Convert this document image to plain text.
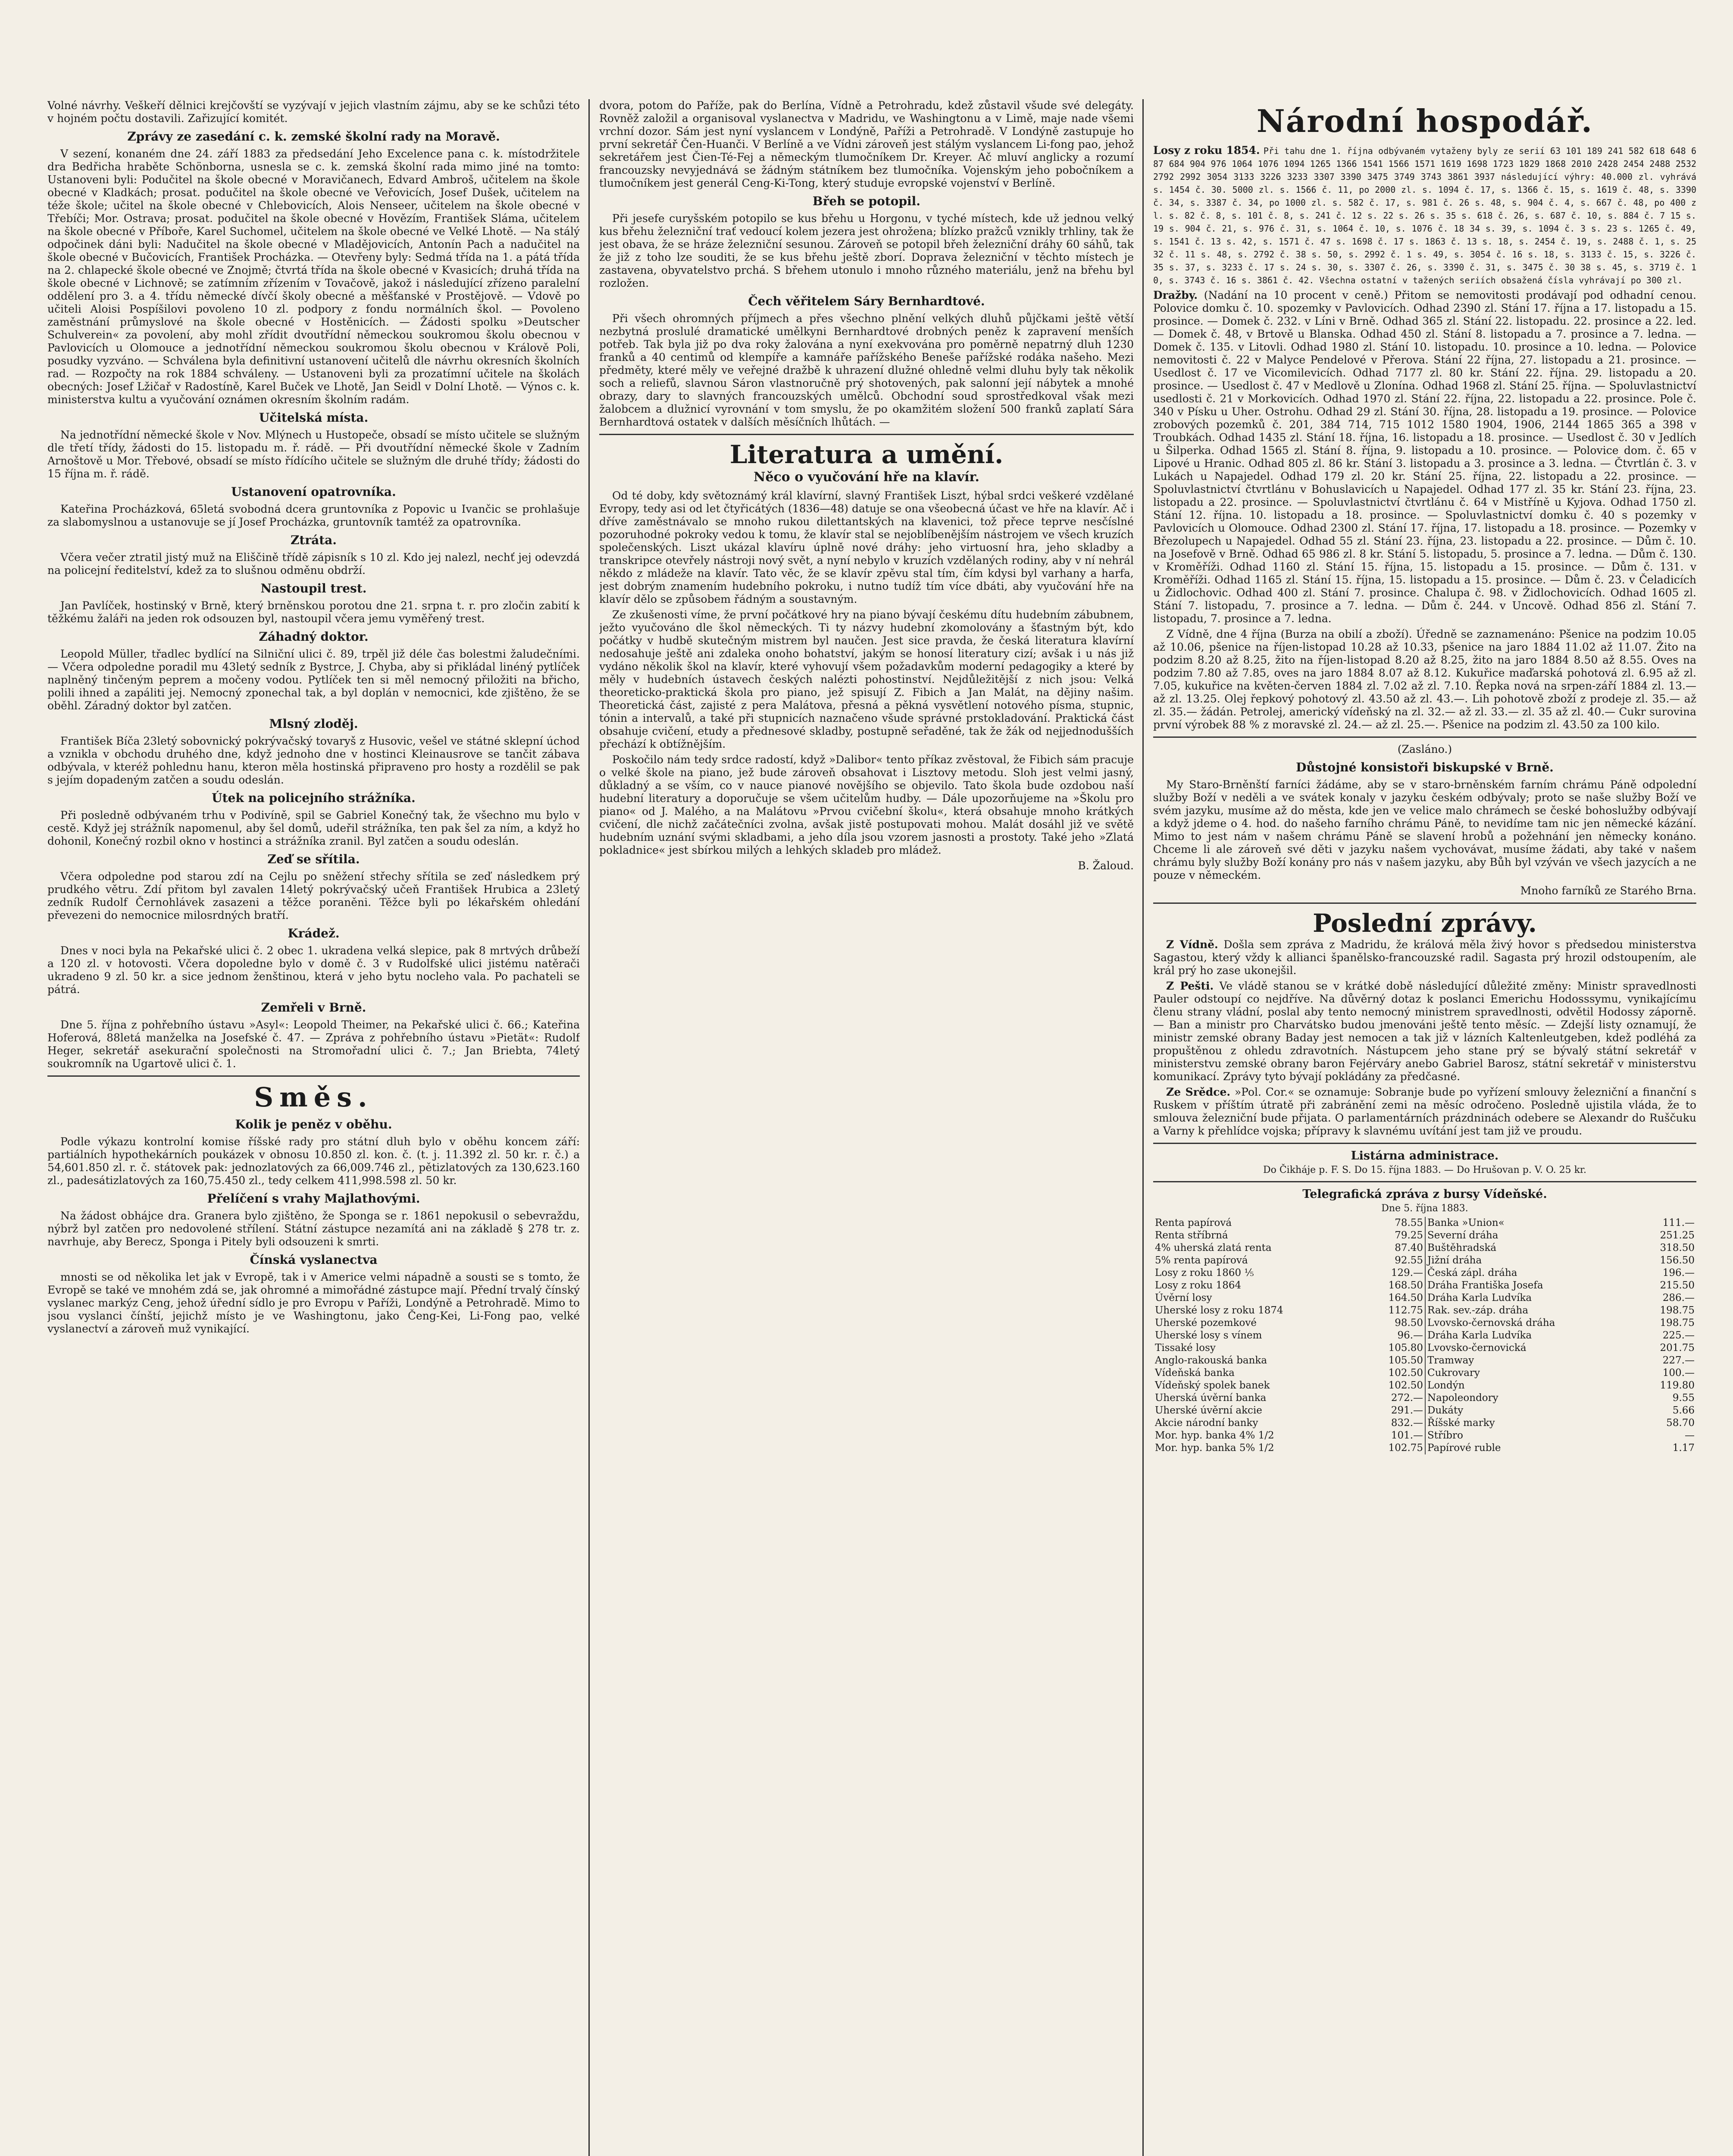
Volné návrhy. Veškeří dělnici krejčovští se vyzývají v jejich vlastním zájmu, aby se ke schůzi této v hojném počtu dostavili. Zařizující komitét.

Zprávy ze zasedání c. k. zemské školní rady na Moravě.

V sezení, konaném dne 24. září 1883 za předsedání Jeho Excelence pana c. k. místodržitele dra Bedřicha hraběte Schönborna, usnesla se c. k. zemská školní rada mimo jiné na tomto: Ustanoveni byli: Podučitel na škole obecné v Moravičanech, Edvard Ambroš, učitelem na škole obecné v Kladkách; prosat. podučitel na škole obecné ve Veřovicích, Josef Dušek, učitelem na téže škole; učitel na škole obecné v Chlebovicích, Alois Nenseer, učitelem na škole obecné v Třebíči; Mor. Ostrava; prosat. podučitel na škole obecné v Hovězím, František Sláma, učitelem na škole obecné v Příboře, Karel Suchomel, učitelem na škole obecné ve Velké Lhotě. — Na stálý odpočinek dáni byli: Nadučitel na škole obecné v Mladějovicích, Antonín Pach a nadučitel na škole obecné v Bučovicích, František Procházka. — Otevřeny byly: Sedmá třída na 1. a pátá třída na 2. chlapecké škole obecné ve Znojmě; čtvrtá třída na škole obecné v Kvasicích; druhá třída na škole obecné v Lichnově; se zatímním zřízením v Tovačově, jakož i následující zřízeno paralelní oddělení pro 3. a 4. třídu německé dívčí školy obecné a měšťanské v Prostějově. — Vdově po učiteli Aloisi Pospíšilovi povoleno 10 zl. podpory z fondu normálních škol. — Povoleno zaměstnání průmyslové na škole obecné v Hostěnicích. — Žádosti spolku »Deutscher Schulverein« za povolení, aby mohl zřídit dvoutřídní německou soukromou školu obecnou v Pavlovicích u Olomouce a jednotřídní německou soukromou školu obecnou v Králově Poli, posudky vyzváno. — Schválena byla definitivní ustanovení učitelů dle návrhu okresních školních rad. — Rozpočty na rok 1884 schváleny. — Ustanoveni byli za prozatímní učitele na školách obecných: Josef Lžičař v Radostíně, Karel Buček ve Lhotě, Jan Seidl v Dolní Lhotě. — Výnos c. k. ministerstva kultu a vyučování oznámen okresním školním radám.

Učitelská místa.

Na jednotřídní německé škole v Nov. Mlýnech u Hustopeče, obsadí se místo učitele se služným dle třetí třídy, žádosti do 15. listopadu m. ř. rádě. — Při dvoutřídní německé škole v Zadním Arnoštově u Mor. Třebové, obsadí se místo řídícího učitele se služným dle druhé třídy; žádosti do 15 října m. ř. rádě.

Ustanovení opatrovníka.

Kateřina Procházková, 65letá svobodná dcera gruntovníka z Popovic u Ivančic se prohlašuje za slabomyslnou a ustanovuje se jí Josef Procházka, gruntovník tamtéž za opatrovníka.

Ztráta.

Včera večer ztratil jistý muž na Eliščině třídě zápisník s 10 zl. Kdo jej nalezl, nechť jej odevzdá na policejní ředitelství, kdež za to slušnou odměnu obdrží.

Nastoupil trest.

Jan Pavlíček, hostinský v Brně, který brněnskou porotou dne 21. srpna t. r. pro zločin zabití k těžkému žaláři na jeden rok odsouzen byl, nastoupil včera jemu vyměřený trest.

Záhadný doktor.

Leopold Müller, třadlec bydlící na Silniční ulici č. 89, trpěl již déle čas bolestmi žaludečními. — Včera odpoledne poradil mu 43letý sedník z Bystrce, J. Chyba, aby si přikládal linéný pytlíček naplněný tinčeným peprem a močeny vodou. Pytlíček ten si měl nemocný přiložiti na břicho, polili ihned a zapáliti jej. Nemocný zponechal tak, a byl doplán v nemocnici, kde zjištěno, že se oběhl. Záradný doktor byl zatčen.

Mlsný zloděj.

František Bíča 23letý sobovnický pokrývačský tovaryš z Husovic, vešel ve státné sklepní úchod a vznikla v obchodu druhého dne, když jednoho dne v hostinci Kleinausrove se tančit zábava odbývala, v kteréž pohlednu hanu, kteron měla hostinská připraveno pro hosty a rozdělil se pak s jejím dopadeným zatčen a soudu odeslán.

Útek na policejního strážníka.

Při posledně odbývaném trhu v Podivíně, spil se Gabriel Konečný tak, že všechno mu bylo v cestě. Když jej strážník napomenul, aby šel domů, udeřil strážníka, ten pak šel za ním, a když ho dohonil, Konečný rozbil okno v hostinci a strážníka zranil. Byl zatčen a soudu odeslán.

Zeď se sřítila.

Včera odpoledne pod starou zdí na Cejlu po sněžení střechy sřítila se zeď následkem prý prudkého větru. Zdí přitom byl zavalen 14letý pokrývačský učeň František Hrubica a 23letý zedník Rudolf Černohlávek zasazeni a těžce poraněni. Těžce byli po lékařském ohledání převezeni do nemocnice milosrdných bratří.

Krádež.

Dnes v noci byla na Pekařské ulici č. 2 obec 1. ukradena velká slepice, pak 8 mrtvých drůbeží a 120 zl. v hotovosti. Včera dopoledne bylo v domě č. 3 v Rudolfské ulici jistému natěrači ukradeno 9 zl. 50 kr. a sice jednom ženštinou, která v jeho bytu nocleho vala. Po pachateli se pátrá.

Zemřeli v Brně.

Dne 5. října z pohřebního ústavu »Asyl«: Leopold Theimer, na Pekařské ulici č. 66.; Kateřina Hoferová, 88letá manželka na Josefské č. 47. — Zpráva z pohřebního ústavu »Pietät«: Rudolf Heger, sekretář asekurační společnosti na Stromořadní ulici č. 7.; Jan Briebta, 74letý soukromník na Ugartově ulici č. 1.

Směs.
Kolik je peněz v oběhu.

Podle výkazu kontrolní komise říšské rady pro státní dluh bylo v oběhu koncem září: partiálních hypothekárních poukázek v obnosu 10.850 zl. kon. č. (t. j. 11.392 zl. 50 kr. r. č.) a 54,601.850 zl. r. č. státovek pak: jednozlatových za 66,009.746 zl., pětizlatových za 130,623.160 zl., padesátizlatových za 160,75.450 zl., tedy celkem 411,998.598 zl. 50 kr.

Přelíčení s vrahy Majlathovými.

Na žádost obhájce dra. Granera bylo zjištěno, že Sponga se r. 1861 nepokusil o sebevraždu, nýbrž byl zatčen pro nedovolené střílení. Státní zástupce nezamítá ani na základě § 278 tr. z. navrhuje, aby Berecz, Sponga i Pitely byli odsouzeni k smrti.

Čínská vyslanectva

mnosti se od několika let jak v Evropě, tak i v Americe velmi nápadně a sousti se s tomto, že Evropě se také ve mnohém zdá se, jak ohromné a mimořádné zástupce mají. Přední trvalý čínský vyslanec markýz Ceng, jehož úřední sídlo je pro Evropu v Paříži, Londýně a Petrohradě. Mimo to jsou vyslanci čínští, jejichž místo je ve Washingtonu, jako Čeng-Kei, Li-Fong pao, velké vyslanectví a zároveň muž vynikající.

dvora, potom do Paříže, pak do Berlína, Vídně a Petrohradu, kdež zůstavil všude své delegáty. Rovněž založil a organisoval vyslanectva v Madridu, ve Washingtonu a v Limě, maje nade všemi vrchní dozor. Sám jest nyní vyslancem v Londýně, Paříži a Petrohradě. V Londýně zastupuje ho první sekretář Čen-Huanči. V Berlíně a ve Vídni zároveň jest stálým vyslancem Li-fong pao, jehož sekretářem jest Čien-Té-Fej a německým tlumočníkem Dr. Kreyer. Ač mluví anglicky a rozumí francouzsky nevyjednává se žádným státníkem bez tlumočníka. Vojenským jeho pobočníkem a tlumočníkem jest generál Ceng-Ki-Tong, který studuje evropské vojenství v Berlíně.

Břeh se potopil.

Při jesefe curyšském potopilo se kus břehu u Horgonu, v tyché místech, kde už jednou velký kus břehu železniční trať vedoucí kolem jezera jest ohrožena; blízko pražců vznikly trhliny, tak že jest obava, že se hráze železniční sesunou. Zároveň se potopil břeh železniční dráhy 60 sáhů, tak že již z toho lze souditi, že se kus břehu ještě zborí. Doprava železniční v těchto místech je zastavena, obyvatelstvo prchá. S břehem utonulo i mnoho různého materiálu, jenž na břehu byl rozložen.

Čech věřitelem Sáry Bernhardtové.

Při všech ohromných příjmech a přes všechno plnění velkých dluhů půjčkami ještě větší nezbytná proslulé dramatické umělkyni Bernhardtové drobných peněz k zapravení menších potřeb. Tak byla již po dva roky žalována a nyní exekvována pro poměrně nepatrný dluh 1230 franků a 40 centimů od klempíře a kamnáře pařížského Beneše pařížské rodáka našeho. Mezi předměty, které měly ve veřejné dražbě k uhrazení dlužné ohledně velmi dluhu byly tak několik soch a reliefů, slavnou Sáron vlastnoručně prý shotovených, pak salonní její nábytek a mnohé obrazy, dary to slavných francouzských umělců. Obchodní soud sprostředkoval však mezi žalobcem a dlužnicí vyrovnání v tom smyslu, že po okamžitém složení 500 franků zaplatí Sára Bernhardtová ostatek v dalších měsíčních lhůtách. —

Literatura a umění.
Něco o vyučování hře na klavír.

Od té doby, kdy světoznámý král klavírní, slavný František Liszt, hýbal srdci veškeré vzdělané Evropy, tedy asi od let čtyřicátých (1836—48) datuje se ona všeobecná účast ve hře na klavír. Ač i dříve zaměstnávalo se mnoho rukou dilettantských na klavenici, tož přece teprve nesčíslné pozoruhodné pokroky vedou k tomu, že klavír stal se nejoblíbenějším nástrojem ve všech kruzích společenských. Liszt ukázal klavíru úplně nové dráhy: jeho virtuosní hra, jeho skladby a transkripce otevřely nástroji nový svět, a nyní nebylo v kruzích vzdělaných rodiny, aby v ní nehrál někdo z mládeže na klavír. Tato věc, že se klavír zpěvu stal tím, čím kdysi byl varhany a harfa, jest dobrým znamením hudebního pokroku, i nutno tudíž tím více dbáti, aby vyučování hře na klavír dělo se způsobem řádným a soustavným.

Ze zkušenosti víme, že první počátkové hry na piano bývají českému dítu hudebním zábubnem, ježto vyučováno dle škol německých. Ti ty názvy hudební zkomolovány a šťastným být, kdo počátky v hudbě skutečným mistrem byl naučen. Jest sice pravda, že česká literatura klavírní nedosahuje ještě ani zdaleka onoho bohatství, jakým se honosí literatury cizí; avšak i u nás již vydáno několik škol na klavír, které vyhovují všem požadavkům moderní pedagogiky a které by měly v hudebních ústavech českých nalézti pohostinství. Nejdůležitější z nich jsou: Velká theoreticko-praktická škola pro piano, jež spisují Z. Fibich a Jan Malát, na dějiny našim. Theoretická část, zajisté z pera Malátova, přesná a pěkná vysvětlení notového písma, stupnic, tónin a intervalů, a také při stupnicích naznačeno všude správné prstokladování. Praktická část obsahuje cvičení, etudy a přednesové skladby, postupně seřaděné, tak že žák od nejjednodušších přechází k obtížnějším.

Poskočilo nám tedy srdce radostí, když »Dalibor« tento příkaz zvěstoval, že Fibich sám pracuje o velké škole na piano, jež bude zároveň obsahovat i Lisztovy metodu. Sloh jest velmi jasný, důkladný a se vším, co v nauce pianové novějšího se objevilo. Tato škola bude ozdobou naší hudební literatury a doporučuje se všem učitelům hudby. — Dále upozorňujeme na »Školu pro piano« od J. Malého, a na Malátovu »Prvou cvičební školu«, která obsahuje mnoho krátkých cvičení, dle nichž začátečníci zvolna, avšak jistě postupovati mohou. Malát dosáhl již ve světě hudebním uznání svými skladbami, a jeho díla jsou vzorem jasnosti a prostoty. Také jeho »Zlatá pokladnice« jest sbírkou milých a lehkých skladeb pro mládež.

B. Žaloud.

Národní hospodář.

Losy z roku 1854. Při tahu dne 1. října odbývaném vytaženy byly ze serií 63 101 189 241 582 618 648 687 684 904 976 1064 1076 1094 1265 1366 1541 1566 1571 1619 1698 1723 1829 1868 2010 2428 2454 2488 2532 2792 2992 3054 3133 3226 3233 3307 3390 3475 3749 3743 3861 3937 následující výhry: 40.000 zl. vyhrává s. 1454 č. 30. 5000 zl. s. 1566 č. 11, po 2000 zl. s. 1094 č. 17, s. 1366 č. 15, s. 1619 č. 48, s. 3390 č. 34, s. 3387 č. 34, po 1000 zl. s. 582 č. 17, s. 981 č. 26 s. 48, s. 904 č. 4, s. 667 č. 48, po 400 zl. s. 82 č. 8, s. 101 č. 8, s. 241 č. 12 s. 22 s. 26 s. 35 s. 618 č. 26, s. 687 č. 10, s. 884 č. 7 15 s. 19 s. 904 č. 21, s. 976 č. 31, s. 1064 č. 10, s. 1076 č. 18 34 s. 39, s. 1094 č. 3 s. 23 s. 1265 č. 49, s. 1541 č. 13 s. 42, s. 1571 č. 47 s. 1698 č. 17 s. 1863 č. 13 s. 18, s. 2454 č. 19, s. 2488 č. 1, s. 2532 č. 11 s. 48, s. 2792 č. 38 s. 50, s. 2992 č. 1 s. 49, s. 3054 č. 16 s. 18, s. 3133 č. 15, s. 3226 č. 35 s. 37, s. 3233 č. 17 s. 24 s. 30, s. 3307 č. 26, s. 3390 č. 31, s. 3475 č. 30 38 s. 45, s. 3719 č. 10, s. 3743 č. 16 s. 3861 č. 42. Všechna ostatní v tažených seriích obsažená čísla vyhrávají po 300 zl.

Dražby. (Nadání na 10 procent v ceně.) Přitom se nemovitosti prodávají pod odhadní cenou. Polovice domku č. 10. spozemky v Pavlovicích. Odhad 2390 zl. Stání 17. října a 17. listopadu a 15. prosince. — Domek č. 232. v Líni v Brně. Odhad 365 zl. Stání 22. listopadu. 22. prosince a 22. led. — Domek č. 48, v Brtově u Blanska. Odhad 450 zl. Stání 8. listopadu a 7. prosince a 7. ledna. — Domek č. 135. v Litovli. Odhad 1980 zl. Stání 10. listopadu. 10. prosince a 10. ledna. — Polovice nemovitosti č. 22 v Malyce Pendelové v Přerova. Stání 22 října, 27. listopadu a 21. prosince. — Usedlost č. 17 ve Vicomilevicích. Odhad 7177 zl. 80 kr. Stání 22. října. 29. listopadu a 20. prosince. — Usedlost č. 47 v Medlově u Zlonína. Odhad 1968 zl. Stání 25. října. — Spoluvlastnictví usedlosti č. 21 v Morkovicích. Odhad 1970 zl. Stání 22. října, 22. listopadu a 22. prosince. Pole č. 340 v Písku u Uher. Ostrohu. Odhad 29 zl. Stání 30. října, 28. listopadu a 19. prosince. — Polovice zrobových pozemků č. 201, 384 714, 715 1012 1580 1904, 1906, 2144 1865 365 a 398 v Troubkách. Odhad 1435 zl. Stání 18. října, 16. listopadu a 18. prosince. — Usedlost č. 30 v Jedlích u Šilperka. Odhad 1565 zl. Stání 8. října, 9. listopadu a 10. prosince. — Polovice dom. č. 65 v Lipové u Hranic. Odhad 805 zl. 86 kr. Stání 3. listopadu a 3. prosince a 3. ledna. — Čtvrtlán č. 3. v Lukách u Napajedel. Odhad 179 zl. 20 kr. Stání 25. října, 22. listopadu a 22. prosince. — Spoluvlastnictví čtvrtlánu v Bohuslavicích u Napajedel. Odhad 177 zl. 35 kr. Stání 23. října, 23. listopadu a 22. prosince. — Spoluvlastnictví čtvrtlánu č. 64 v Mistříně u Kyjova. Odhad 1750 zl. Stání 12. října. 10. listopadu a 18. prosince. — Spoluvlastnictví domku č. 40 s pozemky v Pavlovicích u Olomouce. Odhad 2300 zl. Stání 17. října, 17. listopadu a 18. prosince. — Pozemky v Březolupech u Napajedel. Odhad 55 zl. Stání 23. října, 23. listopadu a 22. prosince. — Dům č. 10. na Josefově v Brně. Odhad 65 986 zl. 8 kr. Stání 5. listopadu, 5. prosince a 7. ledna. — Dům č. 130. v Kroměříži. Odhad 1160 zl. Stání 15. října, 15. listopadu a 15. prosince. — Dům č. 131. v Kroměříži. Odhad 1165 zl. Stání 15. října, 15. listopadu a 15. prosince. — Dům č. 23. v Čeladicích u Židlochovic. Odhad 400 zl. Stání 7. prosince. Chalupa č. 98. v Židlochovicích. Odhad 1605 zl. Stání 7. listopadu, 7. prosince a 7. ledna. — Dům č. 244. v Uncově. Odhad 856 zl. Stání 7. listopadu, 7. prosince a 7. ledna.

Z Vídně, dne 4 října (Burza na obilí a zboží). Úředně se zaznamenáno: Pšenice na podzim 10.05 až 10.06, pšenice na říjen-listopad 10.28 až 10.33, pšenice na jaro 1884 11.02 až 11.07. Žito na podzim 8.20 až 8.25, žito na říjen-listopad 8.20 až 8.25, žito na jaro 1884 8.50 až 8.55. Oves na podzim 7.80 až 7.85, oves na jaro 1884 8.07 až 8.12. Kukuřice maďarská pohotová zl. 6.95 až zl. 7.05, kukuřice na květen-červen 1884 zl. 7.02 až zl. 7.10. Řepka nová na srpen-září 1884 zl. 13.— až zl. 13.25. Olej řepkový pohotový zl. 43.50 až zl. 43.—. Lih pohotově zboží z prodeje zl. 35.— až zl. 35.— žádán. Petrolej, americký vídeňský na zl. 32.— až zl. 33.— zl. 35 až zl. 40.— Cukr surovina první výrobek 88 % z moravské zl. 24.— až zl. 25.—. Pšenice na podzim zl. 43.50 za 100 kilo.

(Zasláno.)

Důstojné konsistoři biskupské v Brně.

My Staro-Brněnští farníci žádáme, aby se v staro-brněnském farním chrámu Páně odpolední služby Boží v neděli a ve svátek konaly v jazyku českém odbývaly; proto se naše služby Boží ve svém jazyku, musíme až do města, kde jen ve velice malo chrámech se české bohoslužby odbývají a když jdeme o 4. hod. do našeho farního chrámu Páně, to nevidíme tam nic jen německé kázání. Mimo to jest nám v našem chrámu Páně se slavení hrobů a požehnání jen německy konáno. Chceme li ale zároveň své děti v jazyku našem vychovávat, musíme žádati, aby také v našem chrámu byly služby Boží konány pro nás v našem jazyku, aby Bůh byl vzýván ve všech jazycích a ne pouze v německém.

Mnoho farníků ze Starého Brna.

Poslední zprávy.

Z Vídně. Došla sem zpráva z Madridu, že králová měla živý hovor s předsedou ministerstva Sagastou, který vždy k allianci španělsko-francouzské radil. Sagasta prý hrozil odstoupením, ale král prý ho zase ukonejšil.

Z Pešti. Ve vládě stanou se v krátké době následující důležité změny: Ministr spravedlnosti Pauler odstoupí co nejdříve. Na důvěrný dotaz k poslanci Emerichu Hodosssymu, vynikajícímu členu strany vládní, poslal aby tento nemocný ministrem spravedlnosti, odvětil Hodossy záporně. — Ban a ministr pro Charvátsko budou jmenováni ještě tento měsíc. — Zdejší listy oznamují, že ministr zemské obrany Baday jest nemocen a tak již v lázních Kaltenleutgeben, kdež podléhá za propuštěnou z ohledu zdravotních. Nástupcem jeho stane prý se bývalý státní sekretář v ministerstvu zemské obrany baron Fejérváry anebo Gabriel Barosz, státní sekretář v ministerstvu komunikací. Zprávy tyto bývají pokládány za předčasné.

Ze Srědce. »Pol. Cor.« se oznamuje: Sobranje bude po vyřízení smlouvy železniční a finanční s Ruskem v příštím útratě při zabránění zemi na měsíc odročeno. Posledně ujistila vláda, že to smlouva železniční bude přijata. O parlamentárních prázdninách odebere se Alexandr do Ruščuku a Varny k přehlídce vojska; přípravy k slavnému uvítání jest tam již ve proudu.

Listárna administrace.

Do Čikháje p. F. S. Do 15. října 1883. — Do Hrušovan p. V. O. 25 kr.

Telegrafická zpráva z bursy Vídeňské.

Dne 5. října 1883.

Renta papírová	78.55	Banka »Union«	111.—
Renta stříbrná	79.25	Severní dráha	251.25
4% uherská zlatá renta	87.40	Buštěhradská	318.50
5% renta papírová	92.55	Jižní dráha	156.50
Losy z roku 1860 ⅕	129.—	Česká zápl. dráha	196.—
Losy z roku 1864	168.50	Dráha Františka Josefa	215.50
Úvěrní losy	164.50	Dráha Karla Ludvíka	286.—
Uherské losy z roku 1874	112.75	Rak. sev.-záp. dráha	198.75
Uherské pozemkové	98.50	Lvovsko-černovská dráha	198.75
Uherské losy s vínem	96.—	Dráha Karla Ludvíka	225.—
Tissaké losy	105.80	Lvovsko-černovická	201.75
Anglo-rakouská banka	105.50	Tramway	227.—
Vídeňská banka	102.50	Cukrovary	100.—
Vídeňský spolek banek	102.50	Londýn	119.80
Uherská úvěrní banka	272.—	Napoleondory	9.55
Uherské úvěrní akcie	291.—	Dukáty	5.66
Akcie národní banky	832.—	Říšské marky	58.70
Mor. hyp. banka 4% 1/2	101.—	Stříbro	—
Mor. hyp. banka 5% 1/2	102.75	Papírové ruble	1.17
